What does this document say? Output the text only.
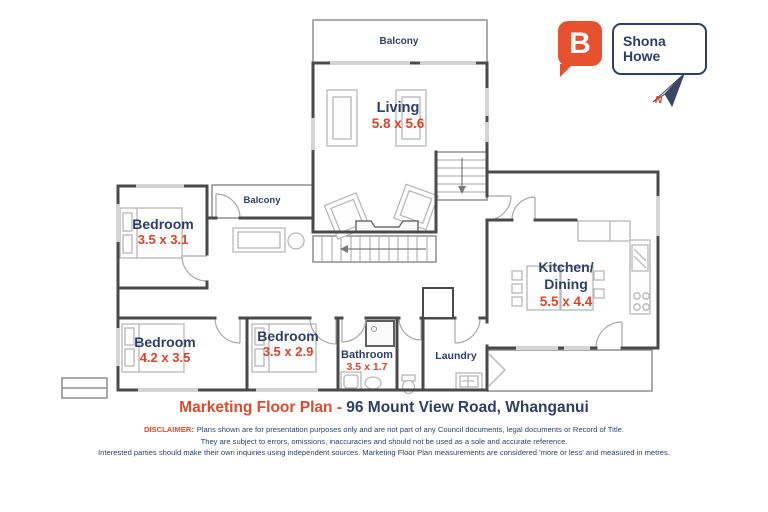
B Shona
Howe
N
Balcony
Balcony
Living
5.8 x 5.6
Bedroom
3.5 x 3.1
Bedroom
4.2 x 3.5
Bedroom
3.5 x 2.9	Bathroom
3.5 x 1.7
Laundry
Kitchen/
Dining
5.5 x 4.4
Marketing Floor Plan - 96 Mount View Road, Whanganui
DISCLAIMER: Plans shown are for presentation purposes only and are not part of any Council documents, legal documents or Record of Title.
They are subject to errors, omissions, inaccuracies and should not be used as a sole and accurate reference.
Interested parties should make their own inquiries using independent sources. Marketing Floor Plan measurements are considered 'more or less' and measured in metres.
